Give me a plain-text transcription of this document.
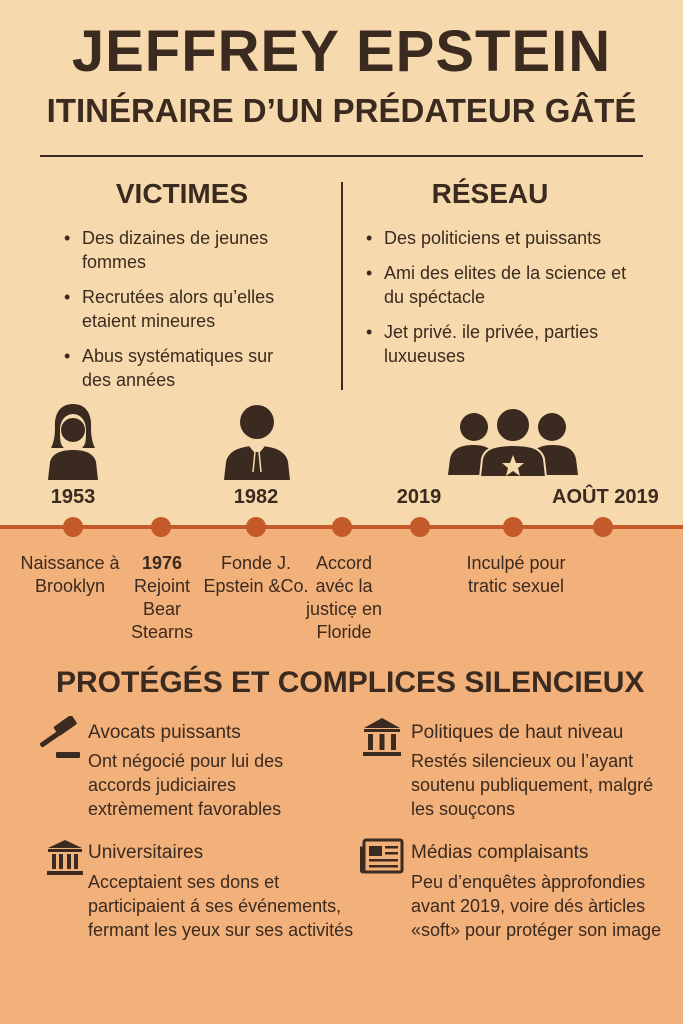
JEFFREY EPSTEIN
ITINÉRAIRE D’UN PRÉDATEUR GÂTÉ
VICTIMES
• Des dizaines de jeunes fommes
• Recrutées alors qu’elles etaient mineures
• Abus systématiques sur des années
RÉSEAU
• Des politiciens et puissants
• Ami des elites de la science et du spéctacle
• Jet privé. ile privée, parties luxueuses
1953	1982	2019	AOÛT 2019
Naissance à Brooklyn
1976
Rejoint Bear Stearns
Fonde J. Epstein &Co.
Accord avéc la justicẹ en Floride
Inculpé pour tratic sexuel
PROTÉGÉS ET COMPLICES SILENCIEUX
Avocats puissants
Ont négocié pour lui des accords judiciaires extrèmement favorables
Politiques de haut niveau
Restés silencieux ou l’ayant soutenu publiquement, malgré les souçcons
Universitaires
Acceptaient ses dons et participaient á ses événements, fermant les yeux sur ses activités
Médias complaisants
Peu d’enquêtes àpprofondies avant 2019, voire dés àrticles «soft» pour protéger son image
